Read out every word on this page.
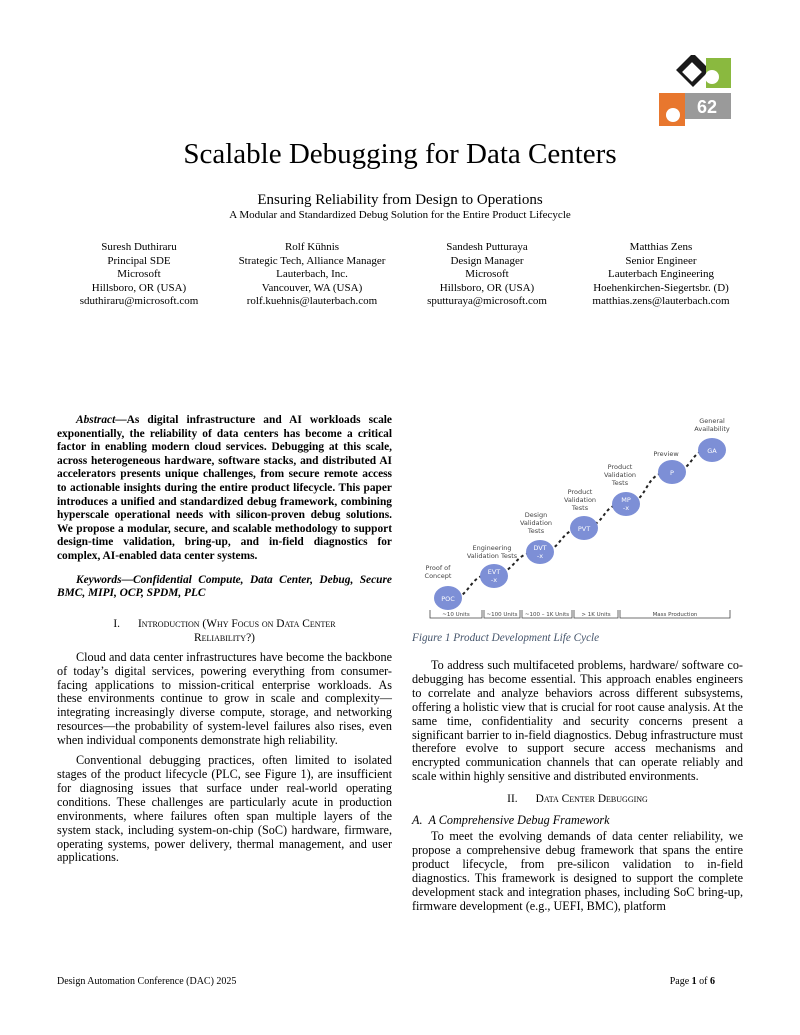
62
Scalable Debugging for Data Centers
Ensuring Reliability from Design to Operations
A Modular and Standardized Debug Solution for the Entire Product Lifecycle
Suresh Duthiraru
Principal SDE
Microsoft
Hillsboro, OR (USA)
sduthiraru@microsoft.com
Rolf Kühnis
Strategic Tech, Alliance Manager
Lauterbach, Inc.
Vancouver, WA (USA)
rolf.kuehnis@lauterbach.com
Sandesh Putturaya
Design Manager
Microsoft
Hillsboro, OR (USA)
sputturaya@microsoft.com
Matthias Zens
Senior Engineer
Lauterbach Engineering
Hoehenkirchen-Siegertsbr. (D)
matthias.zens@lauterbach.com

Abstract—As digital infrastructure and AI workloads scale exponentially, the reliability of data centers has become a critical factor in enabling modern cloud services. Debugging at this scale, across heterogeneous hardware, software stacks, and distributed AI accelerators presents unique challenges, from secure remote access to actionable insights during the entire product lifecycle. This paper introduces a unified and standardized debug framework, combining hyperscale operational needs with silicon-proven debug solutions. We propose a modular, secure, and scalable methodology to support design-time validation, bring-up, and in-field diagnostics for complex, AI-enabled data center systems.

Keywords—Confidential Compute, Data Center, Debug, Secure BMC, MIPI, OCP, SPDM, PLC

I. Introduction (Why Focus on Data Center
Reliability?)

Cloud and data center infrastructures have become the backbone of today’s digital services, powering everything from consumer-facing applications to mission-critical enterprise workloads. As these environments continue to grow in scale and complexity—integrating increasingly diverse compute, storage, and networking resources—the probability of system-level failures also rises, even when individual components demonstrate high reliability.

Conventional debugging practices, often limited to isolated stages of the product lifecycle (PLC, see Figure 1), are insufficient for diagnosing issues that surface under real-world operating conditions. These challenges are particularly acute in production environments, where failures often span multiple layers of the system stack, including system-on-chip (SoC) hardware, firmware, operating systems, power delivery, thermal management, and user applications.

POC
EVT
-x
DVT
-x
PVT
MP
-x
P
GA
Proof of
Concept
Engineering
Validation Tests
Design
Validation
Tests
Product
Validation
Tests
Product
Validation
Tests
Preview
General
Availability
~10 Units	~100 Units ~100 – 1K Units > 1K Units	Mass Production
Figure 1 Product Development Life Cycle

To address such multifaceted problems, hardware/ software co-debugging has become essential. This approach enables engineers to correlate and analyze behaviors across different subsystems, offering a holistic view that is crucial for root cause analysis. At the same time, confidentiality and security concerns present a significant barrier to in-field diagnostics. Debug infrastructure must therefore evolve to support secure access mechanisms and encrypted communication channels that can operate reliably and scale within highly sensitive and distributed environments.

II. Data Center Debugging
A. A Comprehensive Debug Framework

To meet the evolving demands of data center reliability, we propose a comprehensive debug framework that spans the entire product lifecycle, from pre-silicon validation to in-field diagnostics. This framework is designed to support the complete development stack and integration phases, including SoC bring-up, firmware development (e.g., UEFI, BMC), platform

Design Automation Conference (DAC) 2025	Page 1 of 6
